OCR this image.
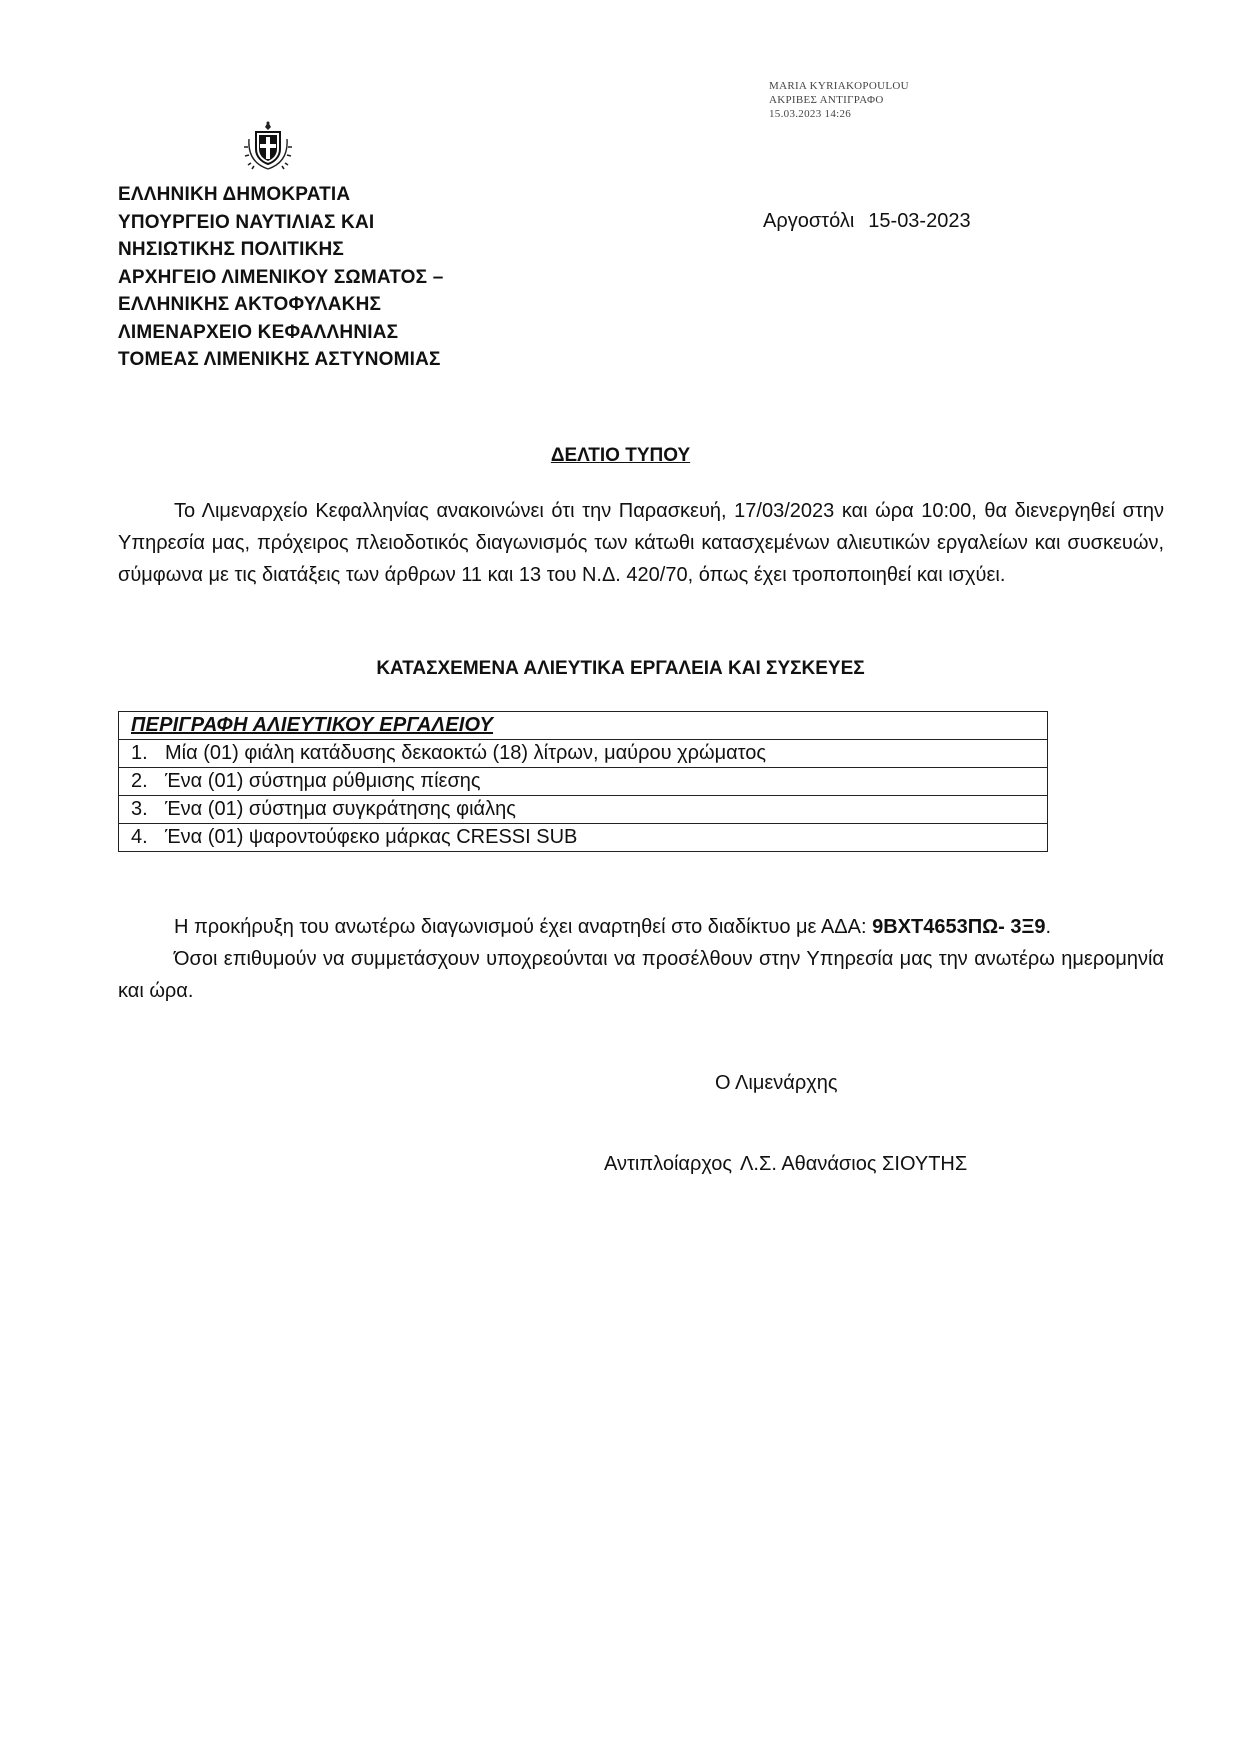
MARIA KYRIAKOPOULOU
ΑΚΡΙΒΕΣ ΑΝΤΙΓΡΑΦΟ
15.03.2023 14:26
ΕΛΛΗΝΙΚΗ ΔΗΜΟΚΡΑΤΙΑ
ΥΠΟΥΡΓΕΙΟ ΝΑΥΤΙΛΙΑΣ ΚΑΙ
ΝΗΣΙΩΤΙΚΗΣ ΠΟΛΙΤΙΚΗΣ
ΑΡΧΗΓΕΙΟ ΛΙΜΕΝΙΚΟΥ ΣΩΜΑΤΟΣ –
ΕΛΛΗΝΙΚΗΣ ΑΚΤΟΦΥΛΑΚΗΣ
ΛΙΜΕΝΑΡΧΕΙΟ ΚΕΦΑΛΛΗΝΙΑΣ
ΤΟΜΕΑΣ ΛΙΜΕΝΙΚΗΣ ΑΣΤΥΝΟΜΙΑΣ
Αργοστόλι 15-03-2023
ΔΕΛΤΙΟ ΤΥΠΟΥ
Το Λιμεναρχείο Κεφαλληνίας ανακοινώνει ότι την Παρασκευή, 17/03/2023 και ώρα 10:00, θα διενεργηθεί στην Υπηρεσία μας, πρόχειρος πλειοδοτικός διαγωνισμός των κάτωθι κατασχεμένων αλιευτικών εργαλείων και συσκευών, σύμφωνα με τις διατάξεις των άρθρων 11 και 13 του Ν.Δ. 420/70, όπως έχει τροποποιηθεί και ισχύει.
ΚΑΤΑΣΧΕΜΕΝΑ ΑΛΙΕΥΤΙΚΑ ΕΡΓΑΛΕΙΑ ΚΑΙ ΣΥΣΚΕΥΕΣ
ΠΕΡΙΓΡΑΦΗ ΑΛΙΕΥΤΙΚΟΥ ΕΡΓΑΛΕΙΟΥ
1. Μία (01) φιάλη κατάδυσης δεκαοκτώ (18) λίτρων, μαύρου χρώματος
2. Ένα (01) σύστημα ρύθμισης πίεσης
3. Ένα (01) σύστημα συγκράτησης φιάλης
4. Ένα (01) ψαροντούφεκο μάρκας CRESSI SUB
Η προκήρυξη του ανωτέρω διαγωνισμού έχει αναρτηθεί στο διαδίκτυο με ΑΔΑ: 9ΒΧΤ4653ΠΩ- 3Ξ9.
Όσοι επιθυμούν να συμμετάσχουν υποχρεούνται να προσέλθουν στην Υπηρεσία μας την ανωτέρω ημερομηνία και ώρα.
Ο Λιμενάρχης
Αντιπλοίαρχος Λ.Σ. Αθανάσιος ΣΙΟΥΤΗΣ
